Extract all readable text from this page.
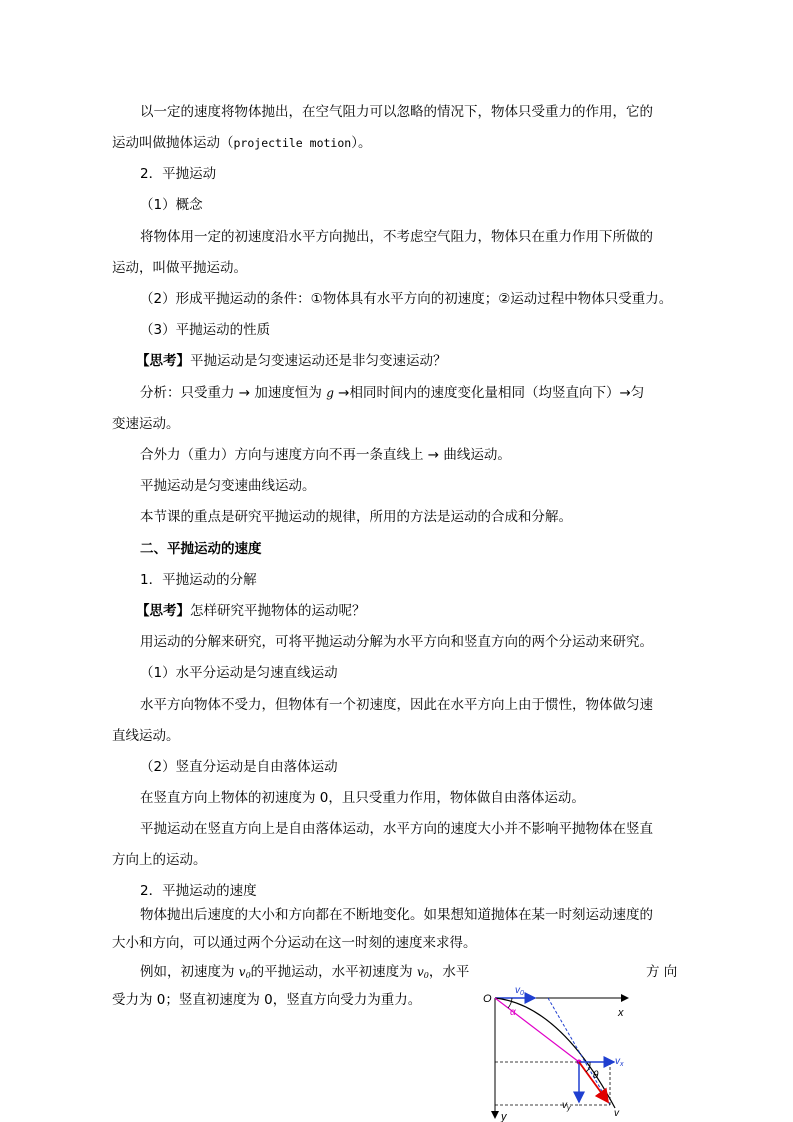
以一定的速度将物体抛出，在空气阻力可以忽略的情况下，物体只受重力的作用，它的
运动叫做抛体运动（projectile motion）。
2．平抛运动
（1）概念
将物体用一定的初速度沿水平方向抛出，不考虑空气阻力，物体只在重力作用下所做的
运动，叫做平抛运动。
（2）形成平抛运动的条件：①物体具有水平方向的初速度；②运动过程中物体只受重力。
（3）平抛运动的性质
【思考】平抛运动是匀变速运动还是非匀变速运动？
分析：只受重力 → 加速度恒为 g →相同时间内的速度变化量相同（均竖直向下）→匀
变速运动。
合外力（重力）方向与速度方向不再一条直线上 → 曲线运动。
平抛运动是匀变速曲线运动。
本节课的重点是研究平抛运动的规律，所用的方法是运动的合成和分解。
二、平抛运动的速度
1．平抛运动的分解
【思考】怎样研究平抛物体的运动呢？
用运动的分解来研究，可将平抛运动分解为水平方向和竖直方向的两个分运动来研究。
（1）水平分运动是匀速直线运动
水平方向物体不受力，但物体有一个初速度，因此在水平方向上由于惯性，物体做匀速
直线运动。
（2）竖直分运动是自由落体运动
在竖直方向上物体的初速度为 0，且只受重力作用，物体做自由落体运动。
平抛运动在竖直方向上是自由落体运动，水平方向的速度大小并不影响平抛物体在竖直
方向上的运动。
2．平抛运动的速度
物体抛出后速度的大小和方向都在不断地变化。如果想知道抛体在某一时刻运动速度的
大小和方向，可以通过两个分运动在这一时刻的速度来求得。
例如，初速度为 $v_0$的平抛运动，水平初速度为 $v_0$，水平	方 向
受力为 0；竖直初速度为 0，竖直方向受力为重力。	O
$v_0$
x
y
α
θ
$v_x$
$v_y$	v
